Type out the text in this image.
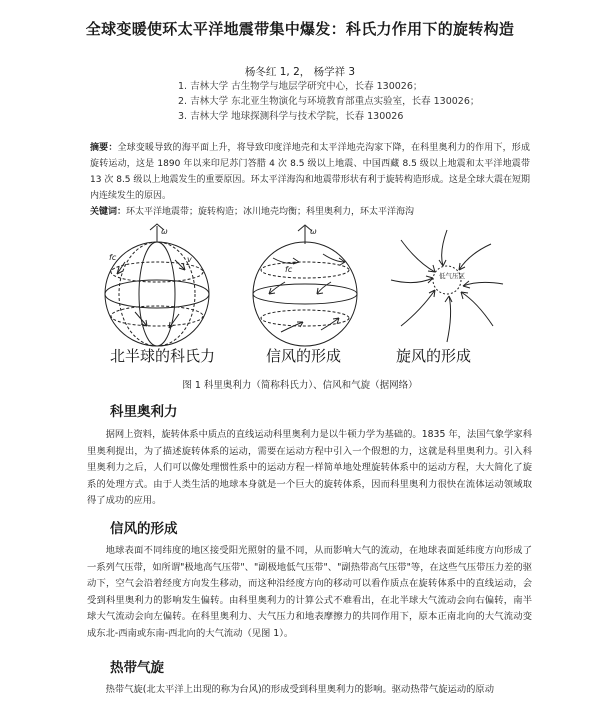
全球变暖使环太平洋地震带集中爆发：科氏力作用下的旋转构造
杨冬红 1, 2， 杨学祥 3
1. 吉林大学 古生物学与地层学研究中心，长春 130026；
2. 吉林大学 东北亚生物演化与环境教育部重点实验室，长春 130026；
3. 吉林大学 地球探测科学与技术学院，长春 130026
摘要：全球变暖导致的海平面上升，将导致印度洋地壳和太平洋地壳沟家下降，在科里奥利力的作用下，形成旋转运动，这是 1890 年以来印尼苏门答腊 4 次 8.5 级以上地震、中国西藏 8.5 级以上地震和太平洋地震带 13 次 8.5 级以上地震发生的重要原因。环太平洋海沟和地震带形状有利于旋转构造形成。这是全球大震在短期内连续发生的原因。
关键词：环太平洋地震带；旋转构造；冰川地壳均衡；科里奥利力，环太平洋海沟
ω
fc	v
ω
fc
低气压区
北半球的科氏力	信风的形成	旋风的形成
图 1 科里奥利力（简称科氏力）、信风和气旋（据网络）
科里奥利力

据网上资料，旋转体系中质点的直线运动科里奥利力是以牛顿力学为基础的。1835 年，法国气象学家科里奥利提出，为了描述旋转体系的运动，需要在运动方程中引入一个假想的力，这就是科里奥利力。引入科里奥利力之后，人们可以像处理惯性系中的运动方程一样简单地处理旋转体系中的运动方程，大大简化了旋系的处理方式。由于人类生活的地球本身就是一个巨大的旋转体系，因而科里奥利力很快在流体运动领域取得了成功的应用。

信风的形成

地球表面不同纬度的地区接受阳光照射的量不同，从而影响大气的流动，在地球表面延纬度方向形成了一系列气压带，如所谓"极地高气压带"、"副极地低气压带"、"副热带高气压带"等，在这些气压带压力差的驱动下，空气会沿着经度方向发生移动，而这种沿经度方向的移动可以看作质点在旋转体系中的直线运动，会受到科里奥利力的影响发生偏转。由科里奥利力的计算公式不难看出，在北半球大气流动会向右偏转，南半球大气流动会向左偏转。在科里奥利力、大气压力和地表摩擦力的共同作用下，原本正南北向的大气流动变成东北-西南或东南-西北向的大气流动（见图 1）。

热带气旋

热带气旋(北太平洋上出现的称为台风)的形成受到科里奥利力的影响。驱动热带气旋运动的原动
